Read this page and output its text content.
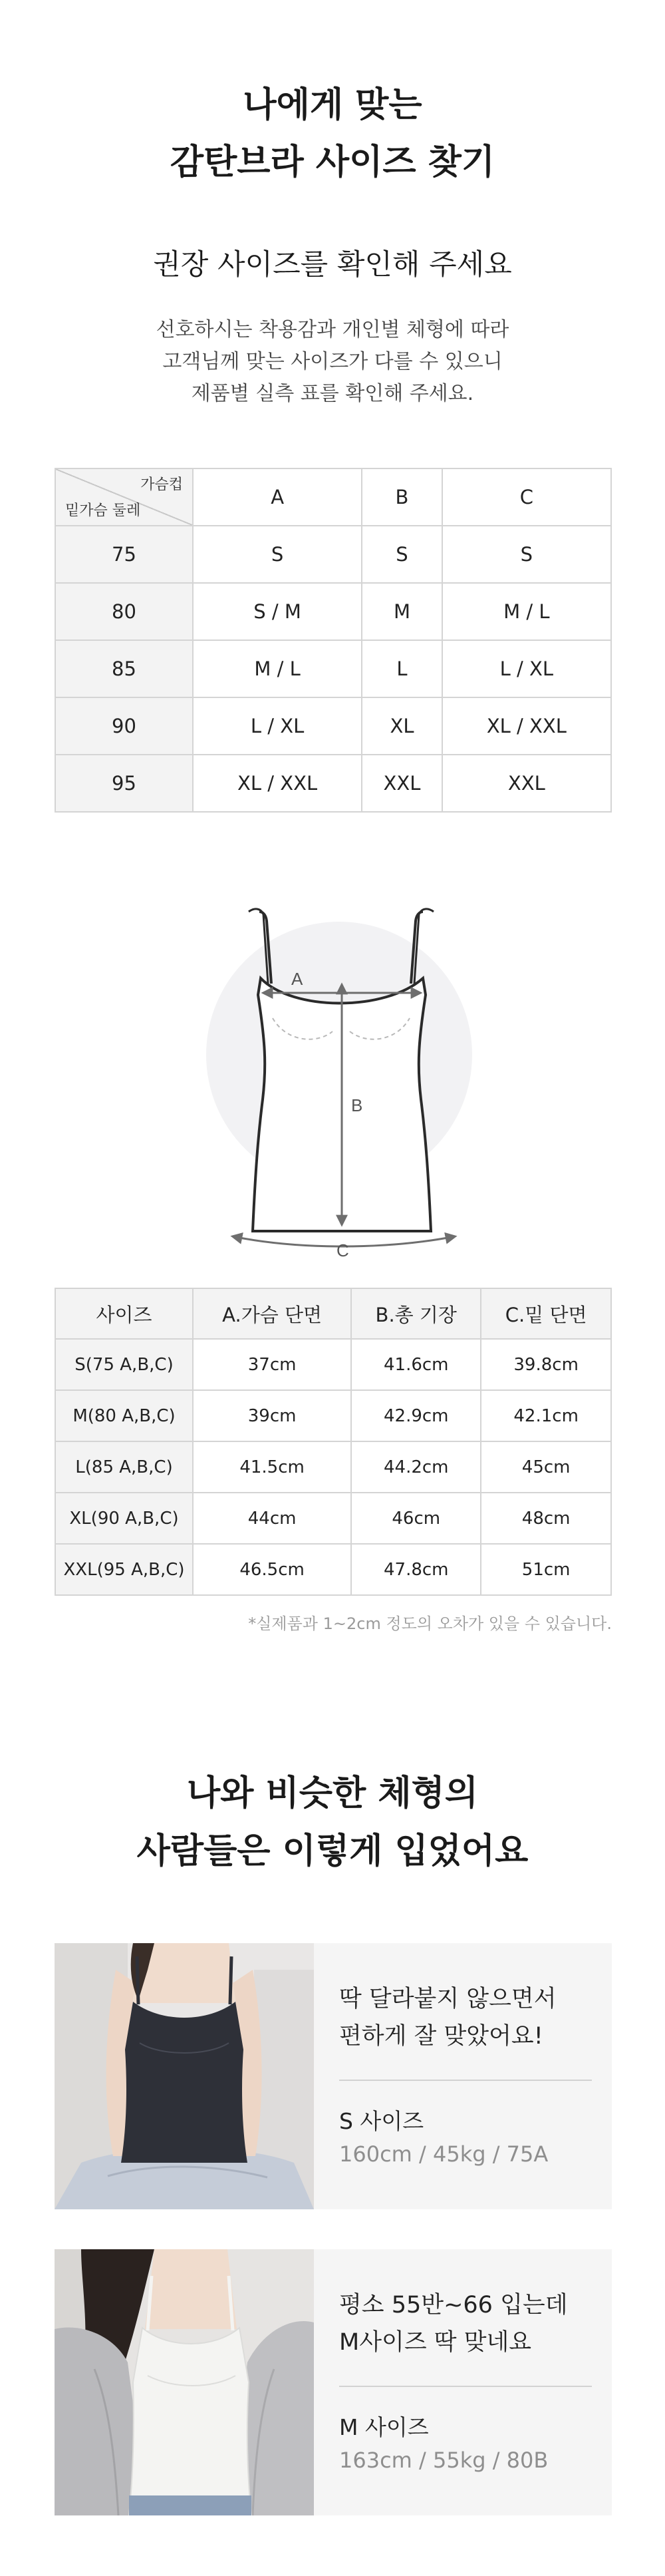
나에게 맞는
감탄브라 사이즈 찾기
권장 사이즈를 확인해 주세요
선호하시는 착용감과 개인별 체형에 따라
고객님께 맞는 사이즈가 다를 수 있으니
제품별 실측 표를 확인해 주세요.
가슴컵
밑가슴 둘레	A	B	C
75	S	S	S
80	S / M	M	M / L
85	M / L	L	L / XL
90	L / XL	XL	XL / XXL
95	XL / XXL	XXL	XXL
A
B
C
사이즈	A.가슴 단면	B.총 기장	C.밑 단면
S(75 A,B,C)	37cm	41.6cm	39.8cm
M(80 A,B,C)	39cm	42.9cm	42.1cm
L(85 A,B,C)	41.5cm	44.2cm	45cm
XL(90 A,B,C)	44cm	46cm	48cm
XXL(95 A,B,C)	46.5cm	47.8cm	51cm
*실제품과 1~2cm 정도의 오차가 있을 수 있습니다.
나와 비슷한 체형의
사람들은 이렇게 입었어요
딱 달라붙지 않으면서
편하게 잘 맞았어요!
S 사이즈
160cm / 45kg / 75A
평소 55반~66 입는데
M사이즈 딱 맞네요
M 사이즈
163cm / 55kg / 80B
